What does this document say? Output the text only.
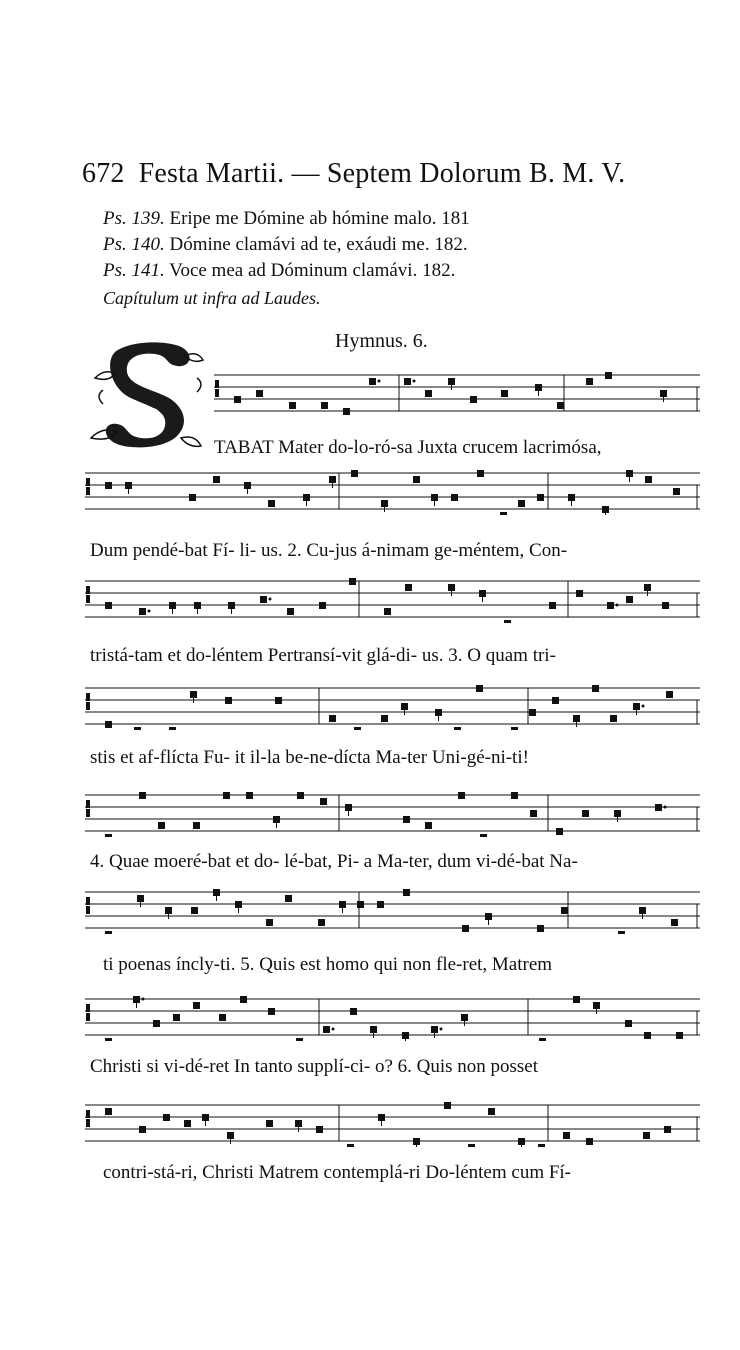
672 Festa Martii. — Septem Dolorum B. M. V.
Ps. 139. Eripe me Dómine ab hómine malo. 181
Ps. 140. Dómine clamávi ad te, exáudi me. 182.
Ps. 141. Voce mea ad Dóminum clamávi. 182.
Capítulum ut infra ad Laudes.
Hymnus. 6.
TABAT Mater do-lo-ró-sa Juxta crucem lacrimósa,
Dum pendé-bat Fí- li- us. 2. Cu-jus á-nimam ge-méntem, Con-
tristá-tam et do-léntem Pertransí-vit glá-di- us. 3. O quam tri-
stis et af-flícta Fu- it il-la be-ne-dícta Ma-ter Uni-gé-ni-ti!
4. Quae moeré-bat et do- lé-bat, Pi- a Ma-ter, dum vi-dé-bat Na-
ti poenas íncly-ti. 5. Quis est homo qui non fle-ret, Matrem
Christi si vi-dé-ret In tanto supplí-ci- o? 6. Quis non posset
contri-stá-ri, Christi Matrem contemplá-ri Do-léntem cum Fí-
